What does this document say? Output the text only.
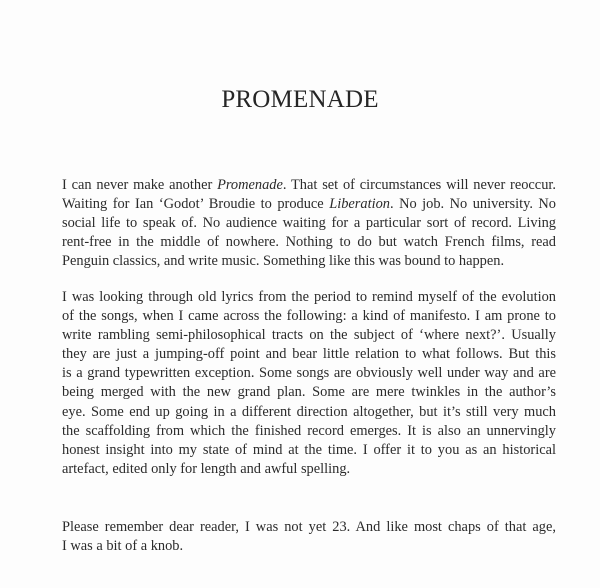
PROMENADE

I can never make another Promenade. That set of circumstances will never reoccur.
Waiting for Ian ‘Godot’ Broudie to produce Liberation. No job. No university. No
social life to speak of. No audience waiting for a particular sort of record. Living
rent-free in the middle of nowhere. Nothing to do but watch French films, read
Penguin classics, and write music. Something like this was bound to happen.

I was looking through old lyrics from the period to remind myself of the evolution
of the songs, when I came across the following: a kind of manifesto. I am prone to
write rambling semi-philosophical tracts on the subject of ‘where next?’. Usually
they are just a jumping-off point and bear little relation to what follows. But this
is a grand typewritten exception. Some songs are obviously well under way and are
being merged with the new grand plan. Some are mere twinkles in the author’s
eye. Some end up going in a different direction altogether, but it’s still very much
the scaffolding from which the finished record emerges. It is also an unnervingly
honest insight into my state of mind at the time. I offer it to you as an historical
artefact, edited only for length and awful spelling.

Please remember dear reader, I was not yet 23. And like most chaps of that age,
I was a bit of a knob.
